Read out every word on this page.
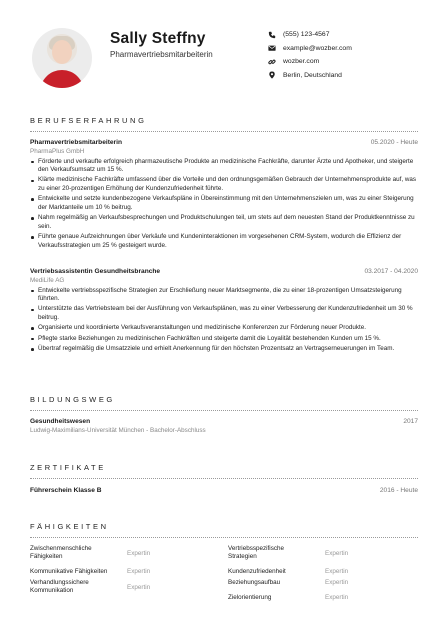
Sally Steffny
Pharmavertriebsmitarbeiterin
(555) 123-4567
example@wozber.com
wozber.com
Berlin, Deutschland
BERUFSERFAHRUNG
Pharmavertriebsmitarbeiterin	05.2020 - Heute
PharmaPlus GmbH
Förderte und verkaufte erfolgreich pharmazeutische Produkte an medizinische Fachkräfte, darunter Ärzte und Apotheker, und steigerte den Verkaufsumsatz um 15 %.
Klärte medizinische Fachkräfte umfassend über die Vorteile und den ordnungsgemäßen Gebrauch der Unternehmensprodukte auf, was zu einer 20-prozentigen Erhöhung der Kundenzufriedenheit führte.
Entwickelte und setzte kundenbezogene Verkaufspläne in Übereinstimmung mit den Unternehmenszielen um, was zu einer Steigerung der Marktanteile um 10 % beitrug.
Nahm regelmäßig an Verkaufsbesprechungen und Produktschulungen teil, um stets auf dem neuesten Stand der Produktkenntnisse zu sein.
Führte genaue Aufzeichnungen über Verkäufe und Kundeninteraktionen im vorgesehenen CRM-System, wodurch die Effizienz der Verkaufsstrategien um 25 % gesteigert wurde.
Vertriebsassistentin Gesundheitsbranche	03.2017 - 04.2020
MediLife AG
Entwickelte vertriebsspezifische Strategien zur Erschließung neuer Marktsegmente, die zu einer 18-prozentigen Umsatzsteigerung führten.
Unterstützte das Vertriebsteam bei der Ausführung von Verkaufsplänen, was zu einer Verbesserung der Kundenzufriedenheit um 30 % beitrug.
Organisierte und koordinierte Verkaufsveranstaltungen und medizinische Konferenzen zur Förderung neuer Produkte.
Pflegte starke Beziehungen zu medizinischen Fachkräften und steigerte damit die Loyalität bestehenden Kunden um 15 %.
Übertraf regelmäßig die Umsatzziele und erhielt Anerkennung für den höchsten Prozentsatz an Vertragserneuerungen im Team.
BILDUNGSWEG
Gesundheitswesen	2017
Ludwig-Maximilians-Universität München - Bachelor-Abschluss
ZERTIFIKATE
Führerschein Klasse B	2016 - Heute
FÄHIGKEITEN
Zwischenmenschliche Fähigkeiten	Expertin
Vertriebsspezifische Strategien	Expertin
Kommunikative Fähigkeiten	Expertin	Kundenzufriedenheit	Expertin
Verhandlungssichere Kommunikation	Expertin
Beziehungsaufbau	Expertin
Zielorientierung	Expertin
